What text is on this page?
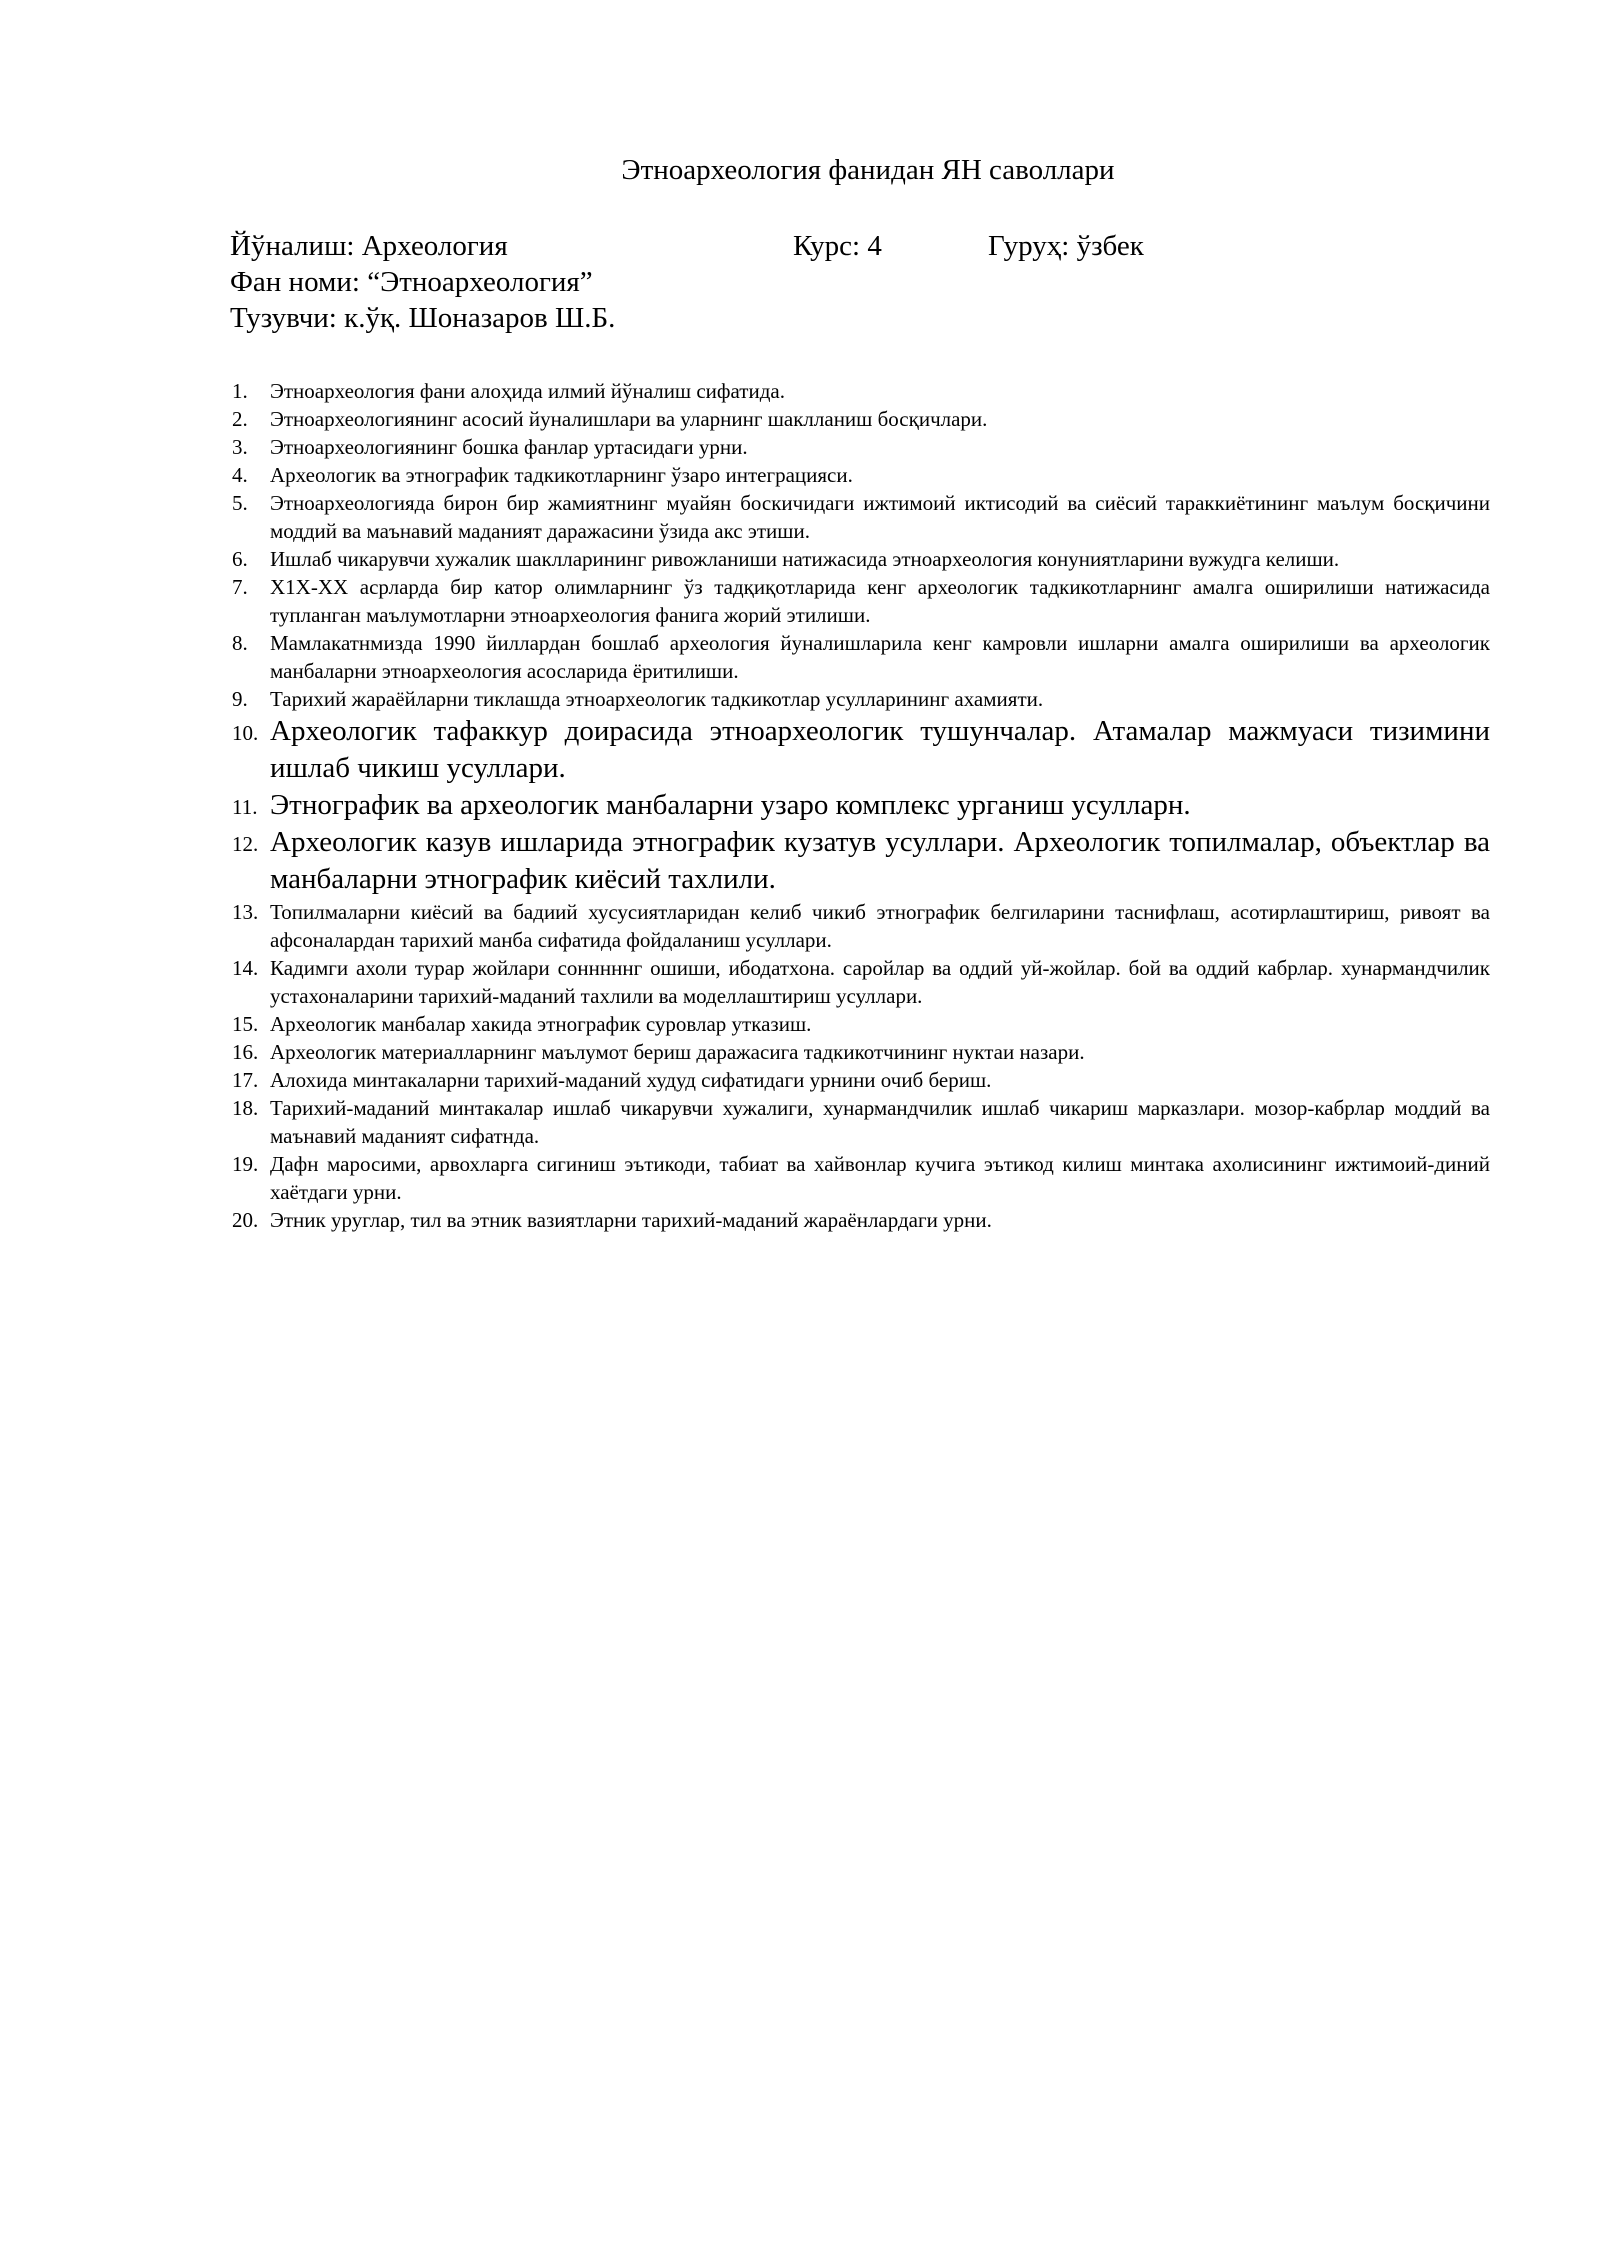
Этноархеология фанидан ЯН саволлари
Йўналиш: Археология	Курс: 4	Гуруҳ: ўзбек
Фан номи: “Этноархеология”
Тузувчи: к.ўқ. Шоназаров Ш.Б.
1.	Этноархеология фани алоҳида илмий йўналиш сифатида.
2.	Этноархеологиянинг асосий йуналишлари ва уларнинг шаклланиш босқичлари.
3.	Этноархеологиянинг бошка фанлар уртасидаги урни.
4.	Археологик ва этнографик тадкикотларнинг ўзаро интеграцияси.
5.	Этноархеологияда бирон бир жамиятнинг муайян боскичидаги ижтимоий иктисодий ва сиёсий тараккиётининг маълум босқичини моддий ва маънавий маданият даражасини ўзида акс этиши.
6.	Ишлаб чикарувчи хужалик шаклларининг ривожланиши натижасида этноархеология конуниятларини вужудга келиши.
7.	Х1Х-ХХ асрларда бир катор олимларнинг ўз тадқиқотларида кенг археологик тадкикотларнинг амалга оширилиши натижасида тупланган маълумотларни этноархеология фанига жорий этилиши.
8.	Мамлакатнмизда 1990 йиллардан бошлаб археология йуналишларила кенг камровли ишларни амалга оширилиши ва археологик манбаларни этноархеология асосларида ёритилиши.
9.	Тарихий жараёйларни тиклашда этноархеологик тадкикотлар усулларининг ахамияти.
10. Археологик тафаккур доирасида этноархеологик тушунчалар. Атамалар мажмуаси тизимини ишлаб чикиш усуллари.
11. Этнографик ва археологик манбаларни узаро комплекс урганиш усулларн.
12. Археологик казув ишларида этнографик кузатув усуллари. Археологик топилмалар, объектлар ва манбаларни этнографик киёсий тахлили.
13. Топилмаларни киёсий ва бадиий хусусиятларидан келиб чикиб этнографик белгиларини таснифлаш, асотирлаштириш, ривоят ва афсоналардан тарихий манба сифатида фойдаланиш усуллари.
14. Кадимги ахоли турар жойлари сонннннг ошиши, ибодатхона. саройлар ва оддий уй-жойлар. бой ва оддий кабрлар. хунармандчилик устахоналарини тарихий-маданий тахлили ва моделлаштириш усуллари.
15. Археологик манбалар хакида этнографик суровлар утказиш.
16. Археологик материалларнинг маълумот бериш даражасига тадкикотчининг нуктаи назари.
17. Алохида минтакаларни тарихий-маданий худуд сифатидаги урнини очиб бериш.
18. Тарихий-маданий минтакалар ишлаб чикарувчи хужалиги, хунармандчилик ишлаб чикариш марказлари. мозор-кабрлар моддий ва маънавий маданият сифатнда.
19. Дафн маросими, арвохларга сигиниш эътикоди, табиат ва хайвонлар кучига эътикод килиш минтака ахолисининг ижтимоий-диний хаётдаги урни.
20. Этник уруглар, тил ва этник вазиятларни тарихий-маданий жараёнлардаги урни.
